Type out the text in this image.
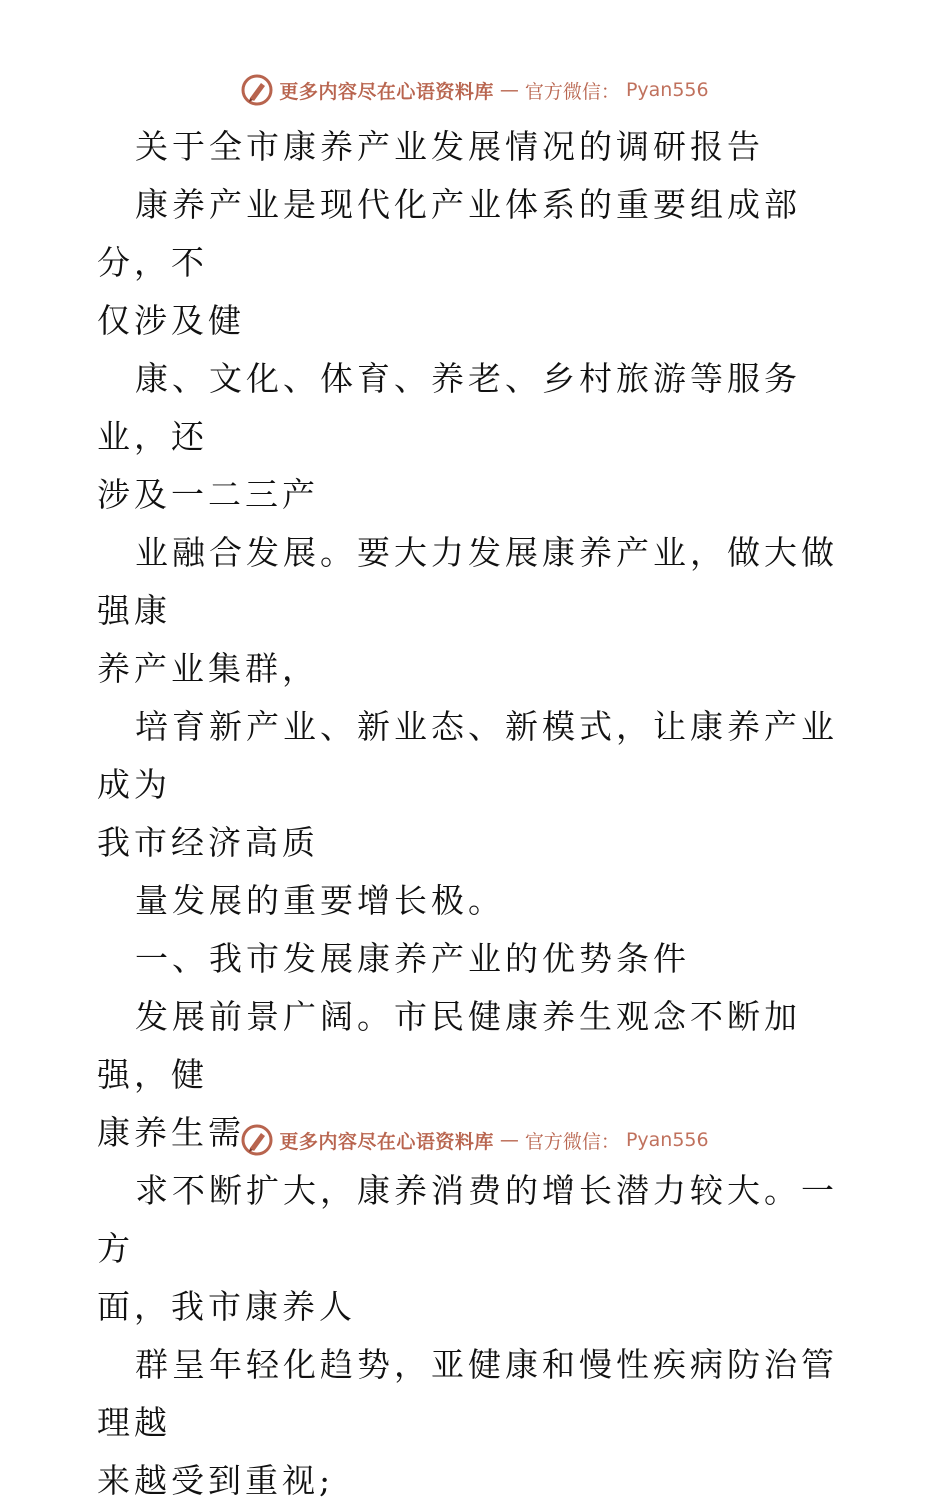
更多内容尽在心语资料库 — 官方微信： Pyan556

关于全市康养产业发展情况的调研报告

康养产业是现代化产业体系的重要组成部分，不

仅涉及健

康、文化、体育、养老、乡村旅游等服务业，还

涉及一二三产

业融合发展。要大力发展康养产业，做大做强康

养产业集群，

培育新产业、新业态、新模式，让康养产业成为

我市经济高质

量发展的重要增长极。

一、我市发展康养产业的优势条件

发展前景广阔。市民健康养生观念不断加强，健

康养生需

求不断扩大，康养消费的增长潜力较大。一方

面，我市康养人

群呈年轻化趋势，亚健康和慢性疾病防治管理越

来越受到重视;

更多内容尽在心语资料库 — 官方微信： Pyan556
